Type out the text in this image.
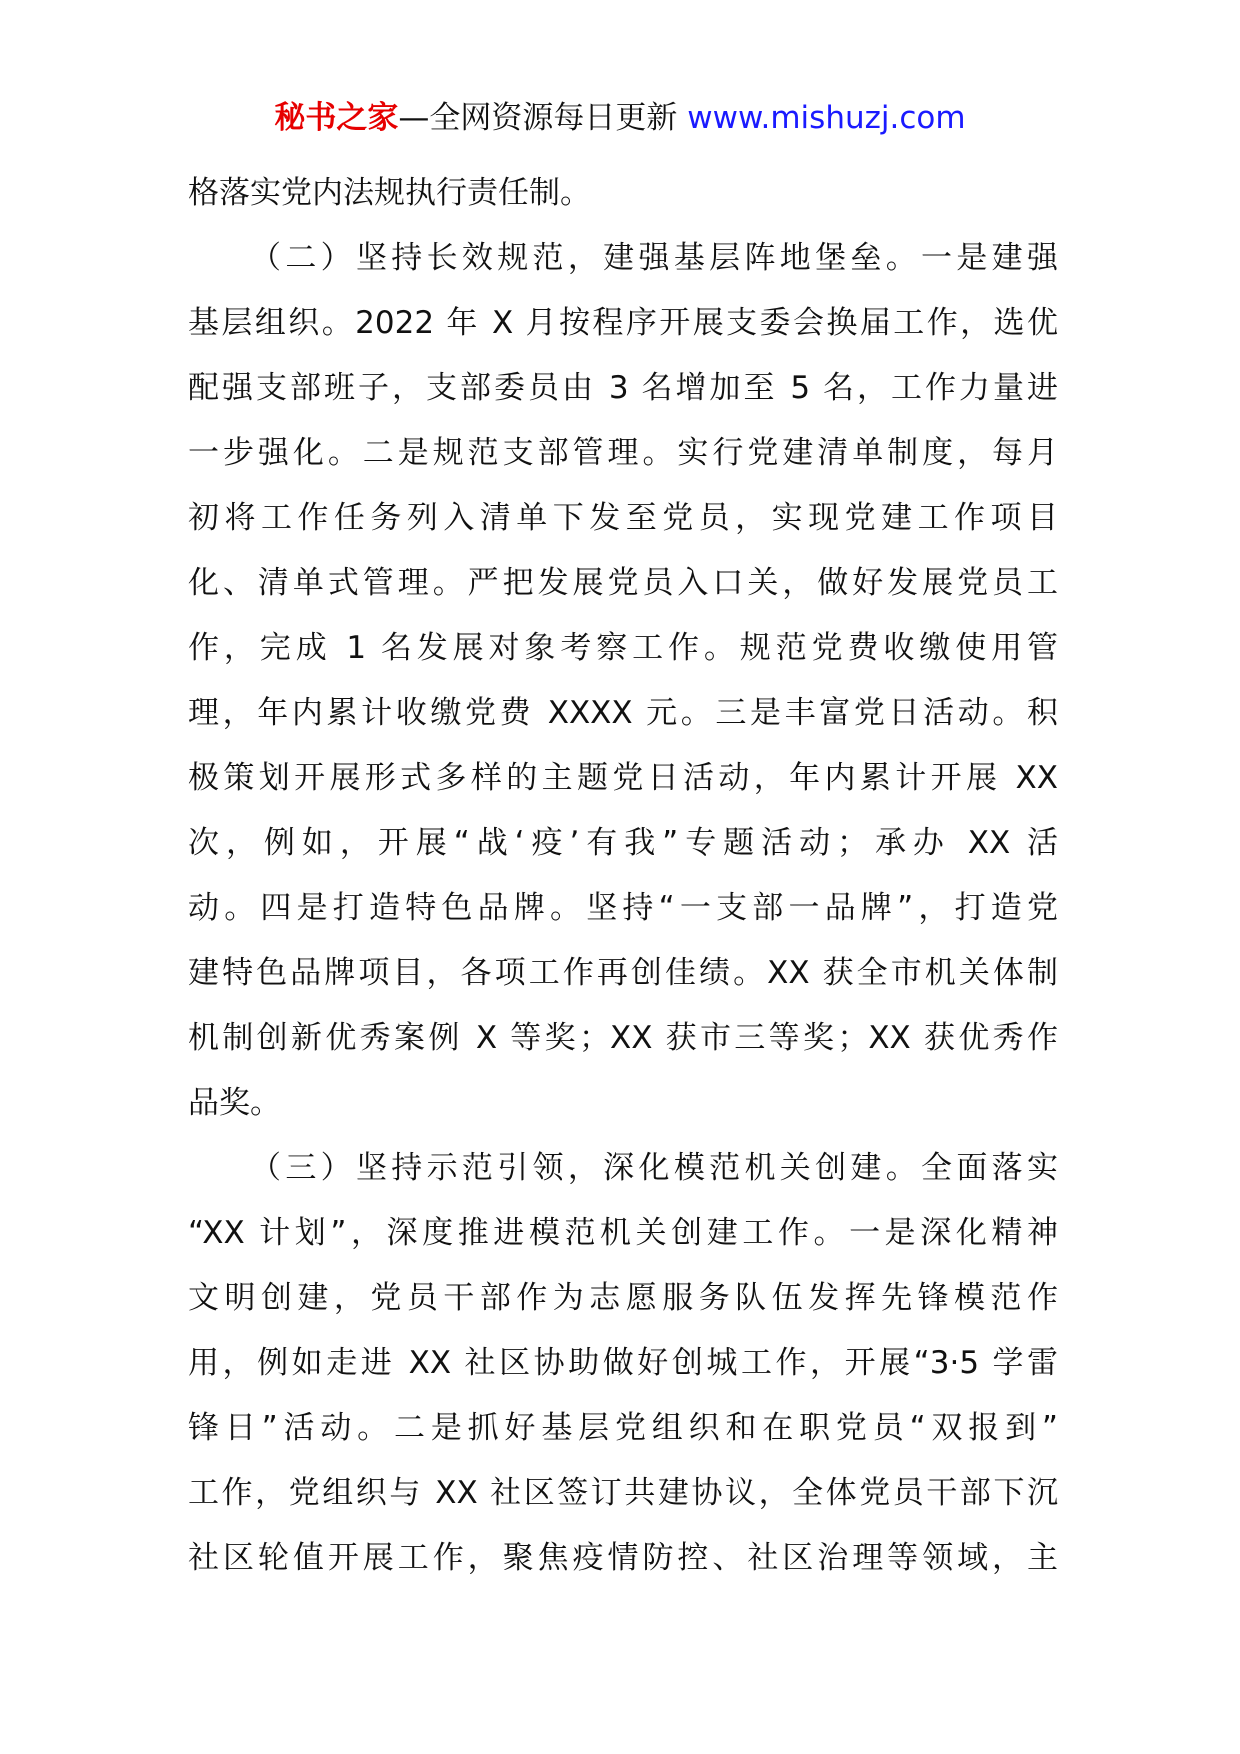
秘书之家—全网资源每日更新 www.mishuzj.com
格落实党内法规执行责任制。
（二）坚持长效规范，建强基层阵地堡垒。一是建强
基层组织。2022 年 X 月按程序开展支委会换届工作，选优
配强支部班子，支部委员由 3 名增加至 5 名，工作力量进
一步强化。二是规范支部管理。实行党建清单制度，每月
初将工作任务列入清单下发至党员，实现党建工作项目
化、清单式管理。严把发展党员入口关，做好发展党员工
作，完成 1 名发展对象考察工作。规范党费收缴使用管
理，年内累计收缴党费 XXXX 元。三是丰富党日活动。积
极策划开展形式多样的主题党日活动，年内累计开展 XX
次，例如，开展“战‘疫’有我”专题活动；承办 XX 活
动。四是打造特色品牌。坚持“一支部一品牌”，打造党
建特色品牌项目，各项工作再创佳绩。XX 获全市机关体制
机制创新优秀案例 X 等奖；XX 获市三等奖；XX 获优秀作
品奖。
（三）坚持示范引领，深化模范机关创建。全面落实
“XX 计划”，深度推进模范机关创建工作。一是深化精神
文明创建，党员干部作为志愿服务队伍发挥先锋模范作
用，例如走进 XX 社区协助做好创城工作，开展“3·5 学雷
锋日”活动。二是抓好基层党组织和在职党员“双报到”
工作，党组织与 XX 社区签订共建协议，全体党员干部下沉
社区轮值开展工作，聚焦疫情防控、社区治理等领域，主
